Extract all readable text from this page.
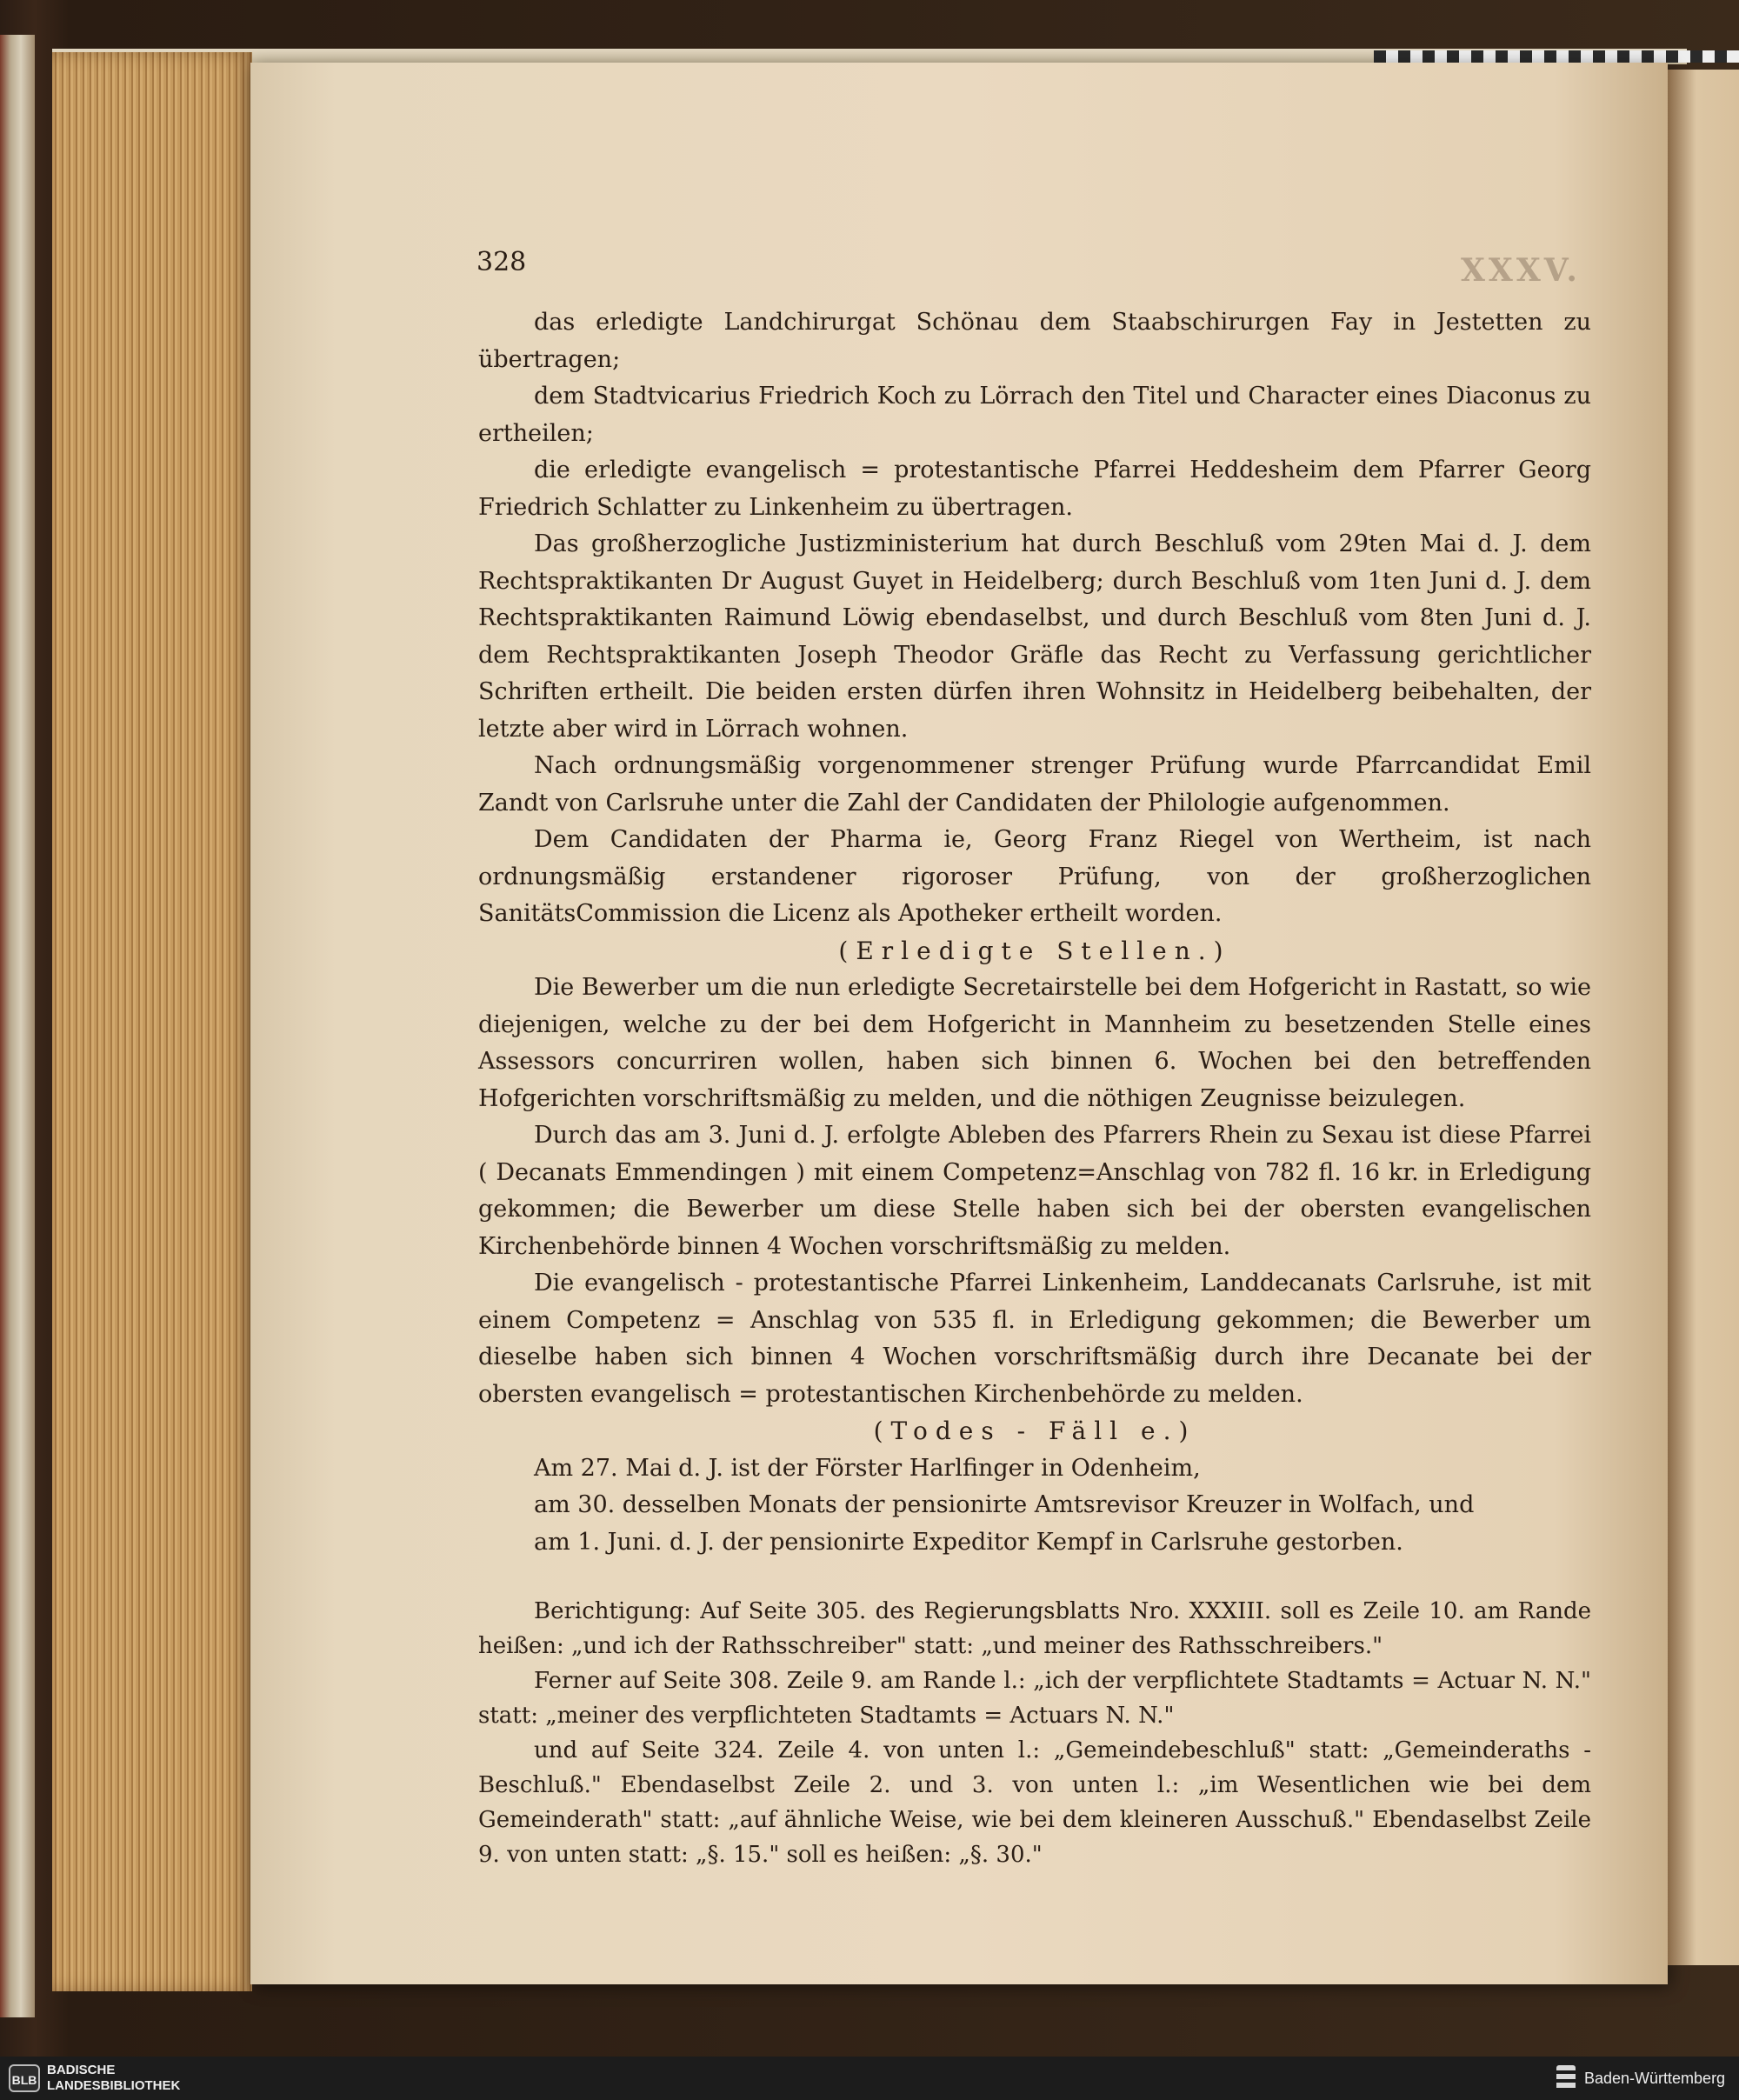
XXXV.
328

das erledigte Landchirurgat Schönau dem Staabschirurgen Fay in Jestetten zu übertragen;

dem Stadtvicarius Friedrich Koch zu Lörrach den Titel und Character eines Diaconus zu ertheilen;

die erledigte evangelisch = protestantische Pfarrei Heddesheim dem Pfarrer Georg Friedrich Schlatter zu Linkenheim zu übertragen.

Das großherzogliche Justizministerium hat durch Beschluß vom 29ten Mai d. J. dem Rechtspraktikanten Dr August Guyet in Heidelberg; durch Beschluß vom 1ten Juni d. J. dem Rechtspraktikanten Raimund Löwig ebendaselbst, und durch Beschluß vom 8ten Juni d. J. dem Rechtspraktikanten Joseph Theodor Gräfle das Recht zu Verfassung gerichtlicher Schriften ertheilt. Die beiden ersten dürfen ihren Wohnsitz in Heidelberg beibehalten, der letzte aber wird in Lörrach wohnen.

Nach ordnungsmäßig vorgenommener strenger Prüfung wurde Pfarrcandidat Emil Zandt von Carlsruhe unter die Zahl der Candidaten der Philologie aufgenommen.

Dem Candidaten der Pharma ie, Georg Franz Riegel von Wertheim, ist nach ordnungsmäßig erstandener rigoroser Prüfung, von der großherzoglichen SanitätsCommission die Licenz als Apotheker ertheilt worden.

(Erledigte Stellen.)

Die Bewerber um die nun erledigte Secretairstelle bei dem Hofgericht in Rastatt, so wie diejenigen, welche zu der bei dem Hofgericht in Mannheim zu besetzenden Stelle eines Assessors concurriren wollen, haben sich binnen 6. Wochen bei den betreffenden Hofgerichten vorschriftsmäßig zu melden, und die nöthigen Zeugnisse beizulegen.

Durch das am 3. Juni d. J. erfolgte Ableben des Pfarrers Rhein zu Sexau ist diese Pfarrei ( Decanats Emmendingen ) mit einem Competenz=Anschlag von 782 fl. 16 kr. in Erledigung gekommen; die Bewerber um diese Stelle haben sich bei der obersten evangelischen Kirchenbehörde binnen 4 Wochen vorschriftsmäßig zu melden.

Die evangelisch - protestantische Pfarrei Linkenheim, Landdecanats Carlsruhe, ist mit einem Competenz = Anschlag von 535 fl. in Erledigung gekommen; die Bewerber um dieselbe haben sich binnen 4 Wochen vorschriftsmäßig durch ihre Decanate bei der obersten evangelisch = protestantischen Kirchenbehörde zu melden.

(Todes - Fäll e.)

Am 27. Mai d. J. ist der Förster Harlfinger in Odenheim,

am 30. desselben Monats der pensionirte Amtsrevisor Kreuzer in Wolfach, und

am 1. Juni. d. J. der pensionirte Expeditor Kempf in Carlsruhe gestorben.

Berichtigung: Auf Seite 305. des Regierungsblatts Nro. XXXIII. soll es Zeile 10. am Rande heißen: „und ich der Rathsschreiber" statt: „und meiner des Rathsschreibers."

Ferner auf Seite 308. Zeile 9. am Rande l.: „ich der verpflichtete Stadtamts = Actuar N. N." statt: „meiner des verpflichteten Stadtamts = Actuars N. N."

und auf Seite 324. Zeile 4. von unten l.: „Gemeindebeschluß" statt: „Gemeinderaths - Beschluß." Ebendaselbst Zeile 2. und 3. von unten l.: „im Wesentlichen wie bei dem Gemeinderath" statt: „auf ähnliche Weise, wie bei dem kleineren Ausschuß." Ebendaselbst Zeile 9. von unten statt: „§. 15." soll es heißen: „§. 30."

BLB
BADISCHE
LANDESBIBLIOTHEK	Baden-Württemberg
